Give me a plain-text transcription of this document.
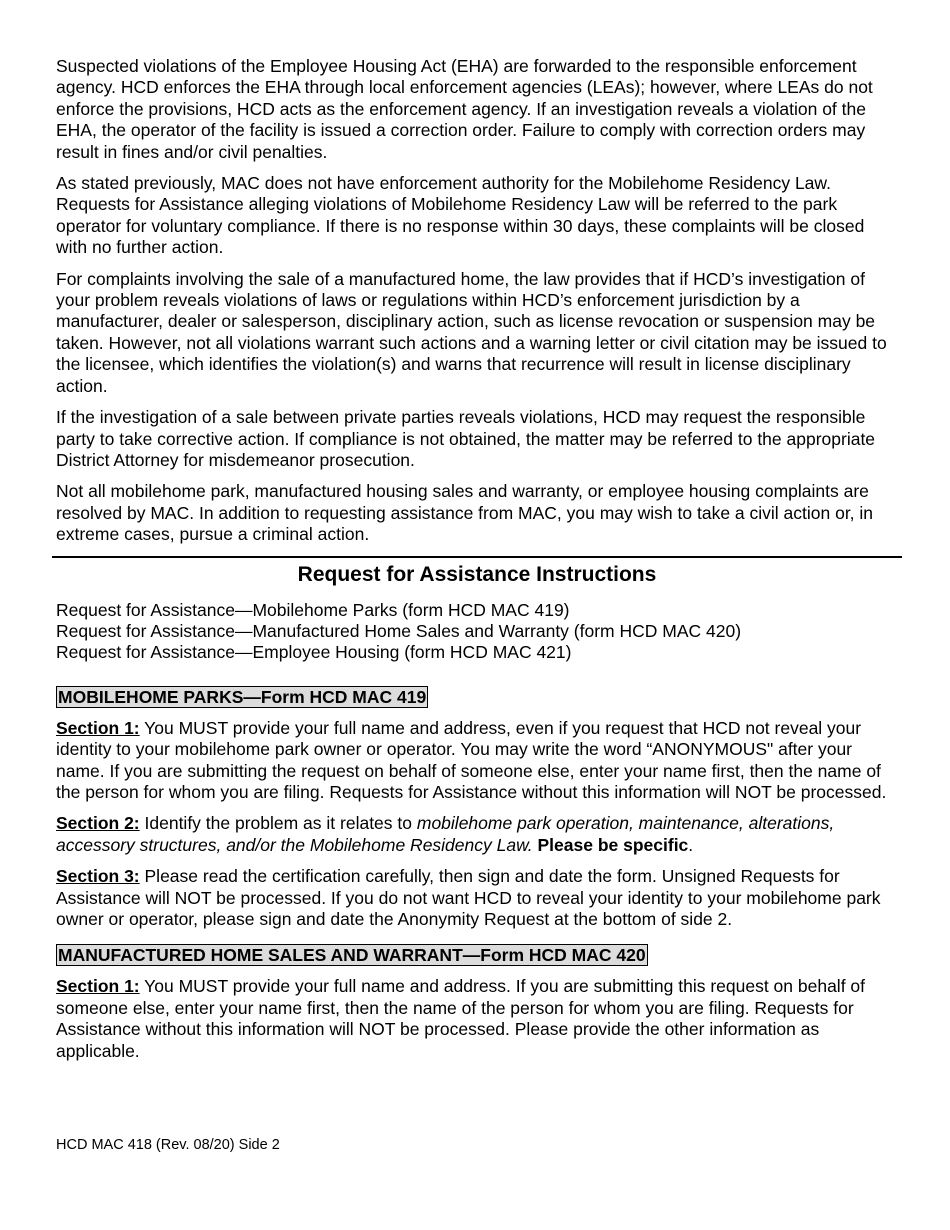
Suspected violations of the Employee Housing Act (EHA) are forwarded to the responsible enforcement agency. HCD enforces the EHA through local enforcement agencies (LEAs); however, where LEAs do not enforce the provisions, HCD acts as the enforcement agency. If an investigation reveals a violation of the EHA, the operator of the facility is issued a correction order. Failure to comply with correction orders may result in fines and/or civil penalties.

As stated previously, MAC does not have enforcement authority for the Mobilehome Residency Law. Requests for Assistance alleging violations of Mobilehome Residency Law will be referred to the park operator for voluntary compliance. If there is no response within 30 days, these complaints will be closed with no further action.

For complaints involving the sale of a manufactured home, the law provides that if HCD’s investigation of your problem reveals violations of laws or regulations within HCD’s enforcement jurisdiction by a manufacturer, dealer or salesperson, disciplinary action, such as license revocation or suspension may be taken. However, not all violations warrant such actions and a warning letter or civil citation may be issued to the licensee, which identifies the violation(s) and warns that recurrence will result in license disciplinary action.

If the investigation of a sale between private parties reveals violations, HCD may request the responsible party to take corrective action. If compliance is not obtained, the matter may be referred to the appropriate District Attorney for misdemeanor prosecution.

Not all mobilehome park, manufactured housing sales and warranty, or employee housing complaints are resolved by MAC. In addition to requesting assistance from MAC, you may wish to take a civil action or, in extreme cases, pursue a criminal action.

Request for Assistance Instructions
Request for Assistance—Mobilehome Parks (form HCD MAC 419)
Request for Assistance—Manufactured Home Sales and Warranty (form HCD MAC 420)
Request for Assistance—Employee Housing (form HCD MAC 421)
MOBILEHOME PARKS—Form HCD MAC 419

Section 1: You MUST provide your full name and address, even if you request that HCD not reveal your identity to your mobilehome park owner or operator. You may write the word “ANONYMOUS" after your name. If you are submitting the request on behalf of someone else, enter your name first, then the name of the person for whom you are filing. Requests for Assistance without this information will NOT be processed.

Section 2: Identify the problem as it relates to mobilehome park operation, maintenance, alterations, accessory structures, and/or the Mobilehome Residency Law. Please be specific.

Section 3: Please read the certification carefully, then sign and date the form. Unsigned Requests for Assistance will NOT be processed. If you do not want HCD to reveal your identity to your mobilehome park owner or operator, please sign and date the Anonymity Request at the bottom of side 2.

MANUFACTURED HOME SALES AND WARRANT—Form HCD MAC 420

Section 1: You MUST provide your full name and address. If you are submitting this request on behalf of someone else, enter your name first, then the name of the person for whom you are filing. Requests for Assistance without this information will NOT be processed. Please provide the other information as applicable.

HCD MAC 418 (Rev. 08/20) Side 2
